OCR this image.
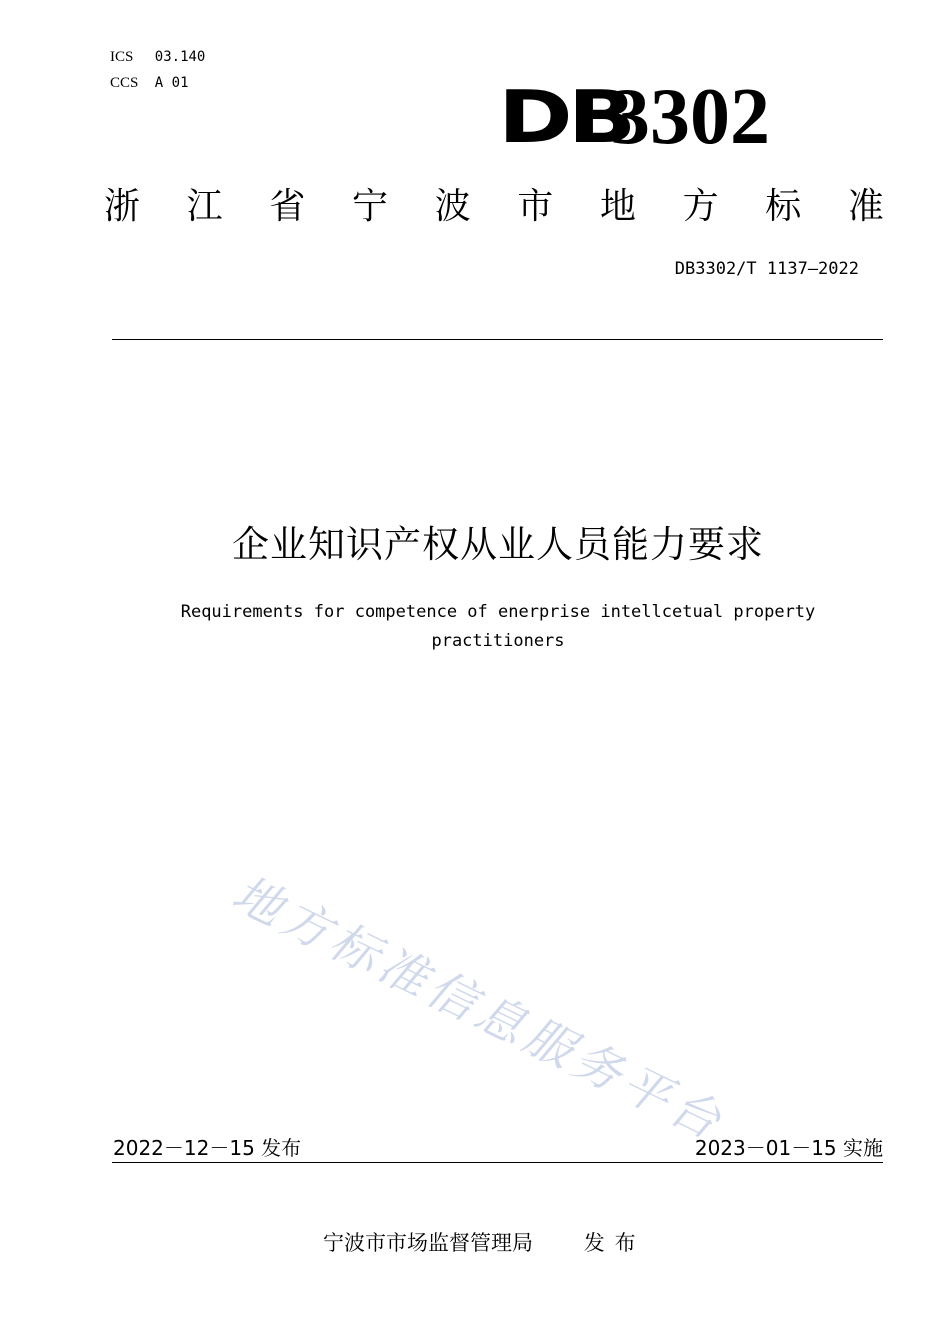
ICS 03.140
CCS A 01	DB
3302
浙 江 省 宁 波 市 地 方 标 准
DB3302/T 1137—2022
企业知识产权从业人员能力要求
Requirements for competence of enerprise intellcetual property
practitioners
地方标准信息服务平台
2022－12－15 发布	2023－01－15 实施
宁波市市场监督管理局 发布
